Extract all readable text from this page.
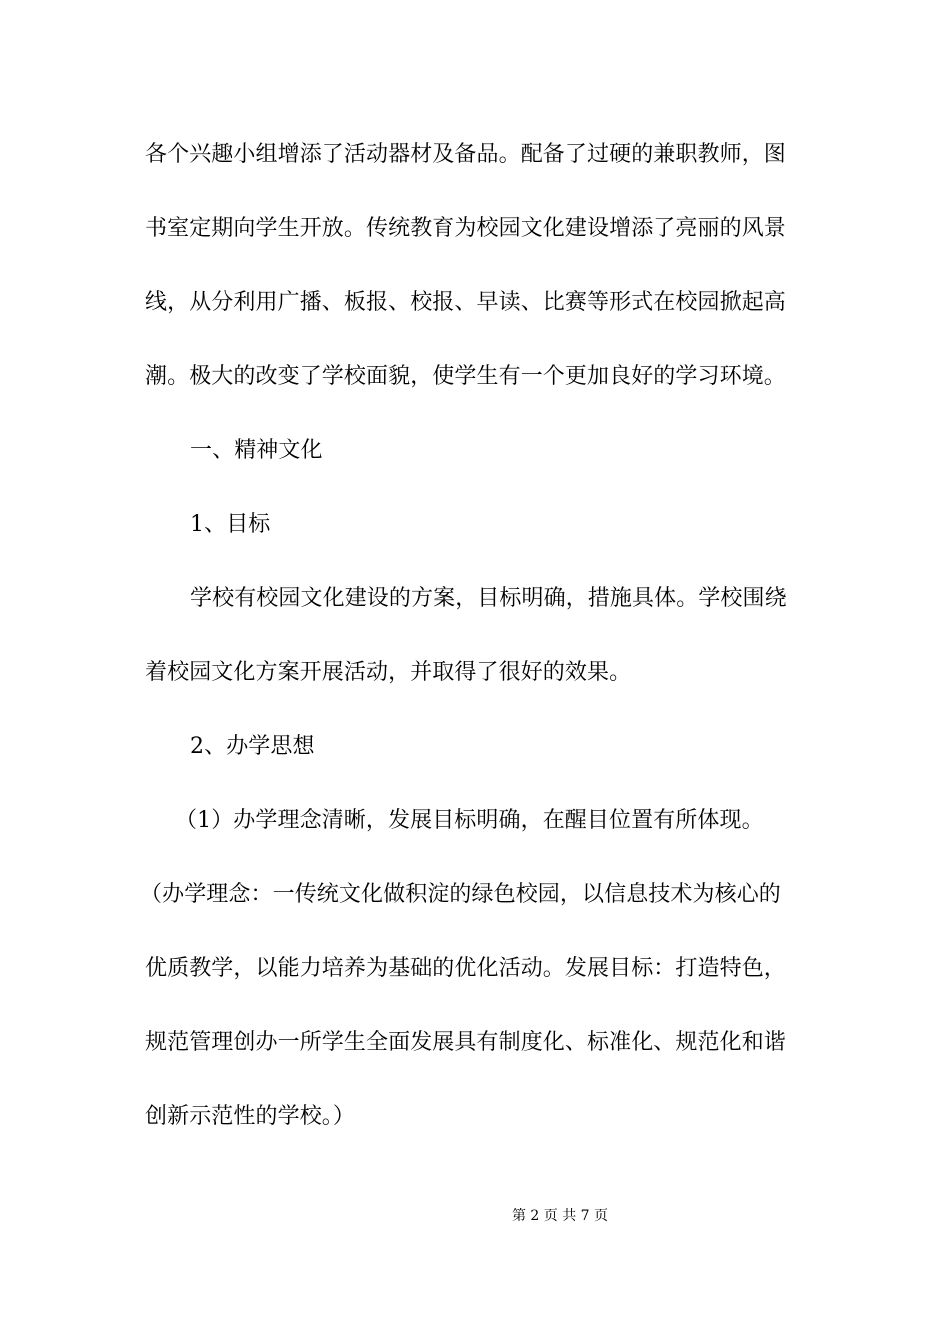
各个兴趣小组增添了活动器材及备品。配备了过硬的兼职教师，图
书室定期向学生开放。传统教育为校园文化建设增添了亮丽的风景
线，从分利用广播、板报、校报、早读、比赛等形式在校园掀起高
潮。极大的改变了学校面貌，使学生有一个更加良好的学习环境。
一、精神文化
1、目标
学校有校园文化建设的方案，目标明确，措施具体。学校围绕
着校园文化方案开展活动，并取得了很好的效果。
2、办学思想
（1）办学理念清晰，发展目标明确，在醒目位置有所体现。
（办学理念：一传统文化做积淀的绿色校园，以信息技术为核心的
优质教学，以能力培养为基础的优化活动。发展目标：打造特色，
规范管理创办一所学生全面发展具有制度化、标准化、规范化和谐
创新示范性的学校。）
第 2 页 共 7 页
